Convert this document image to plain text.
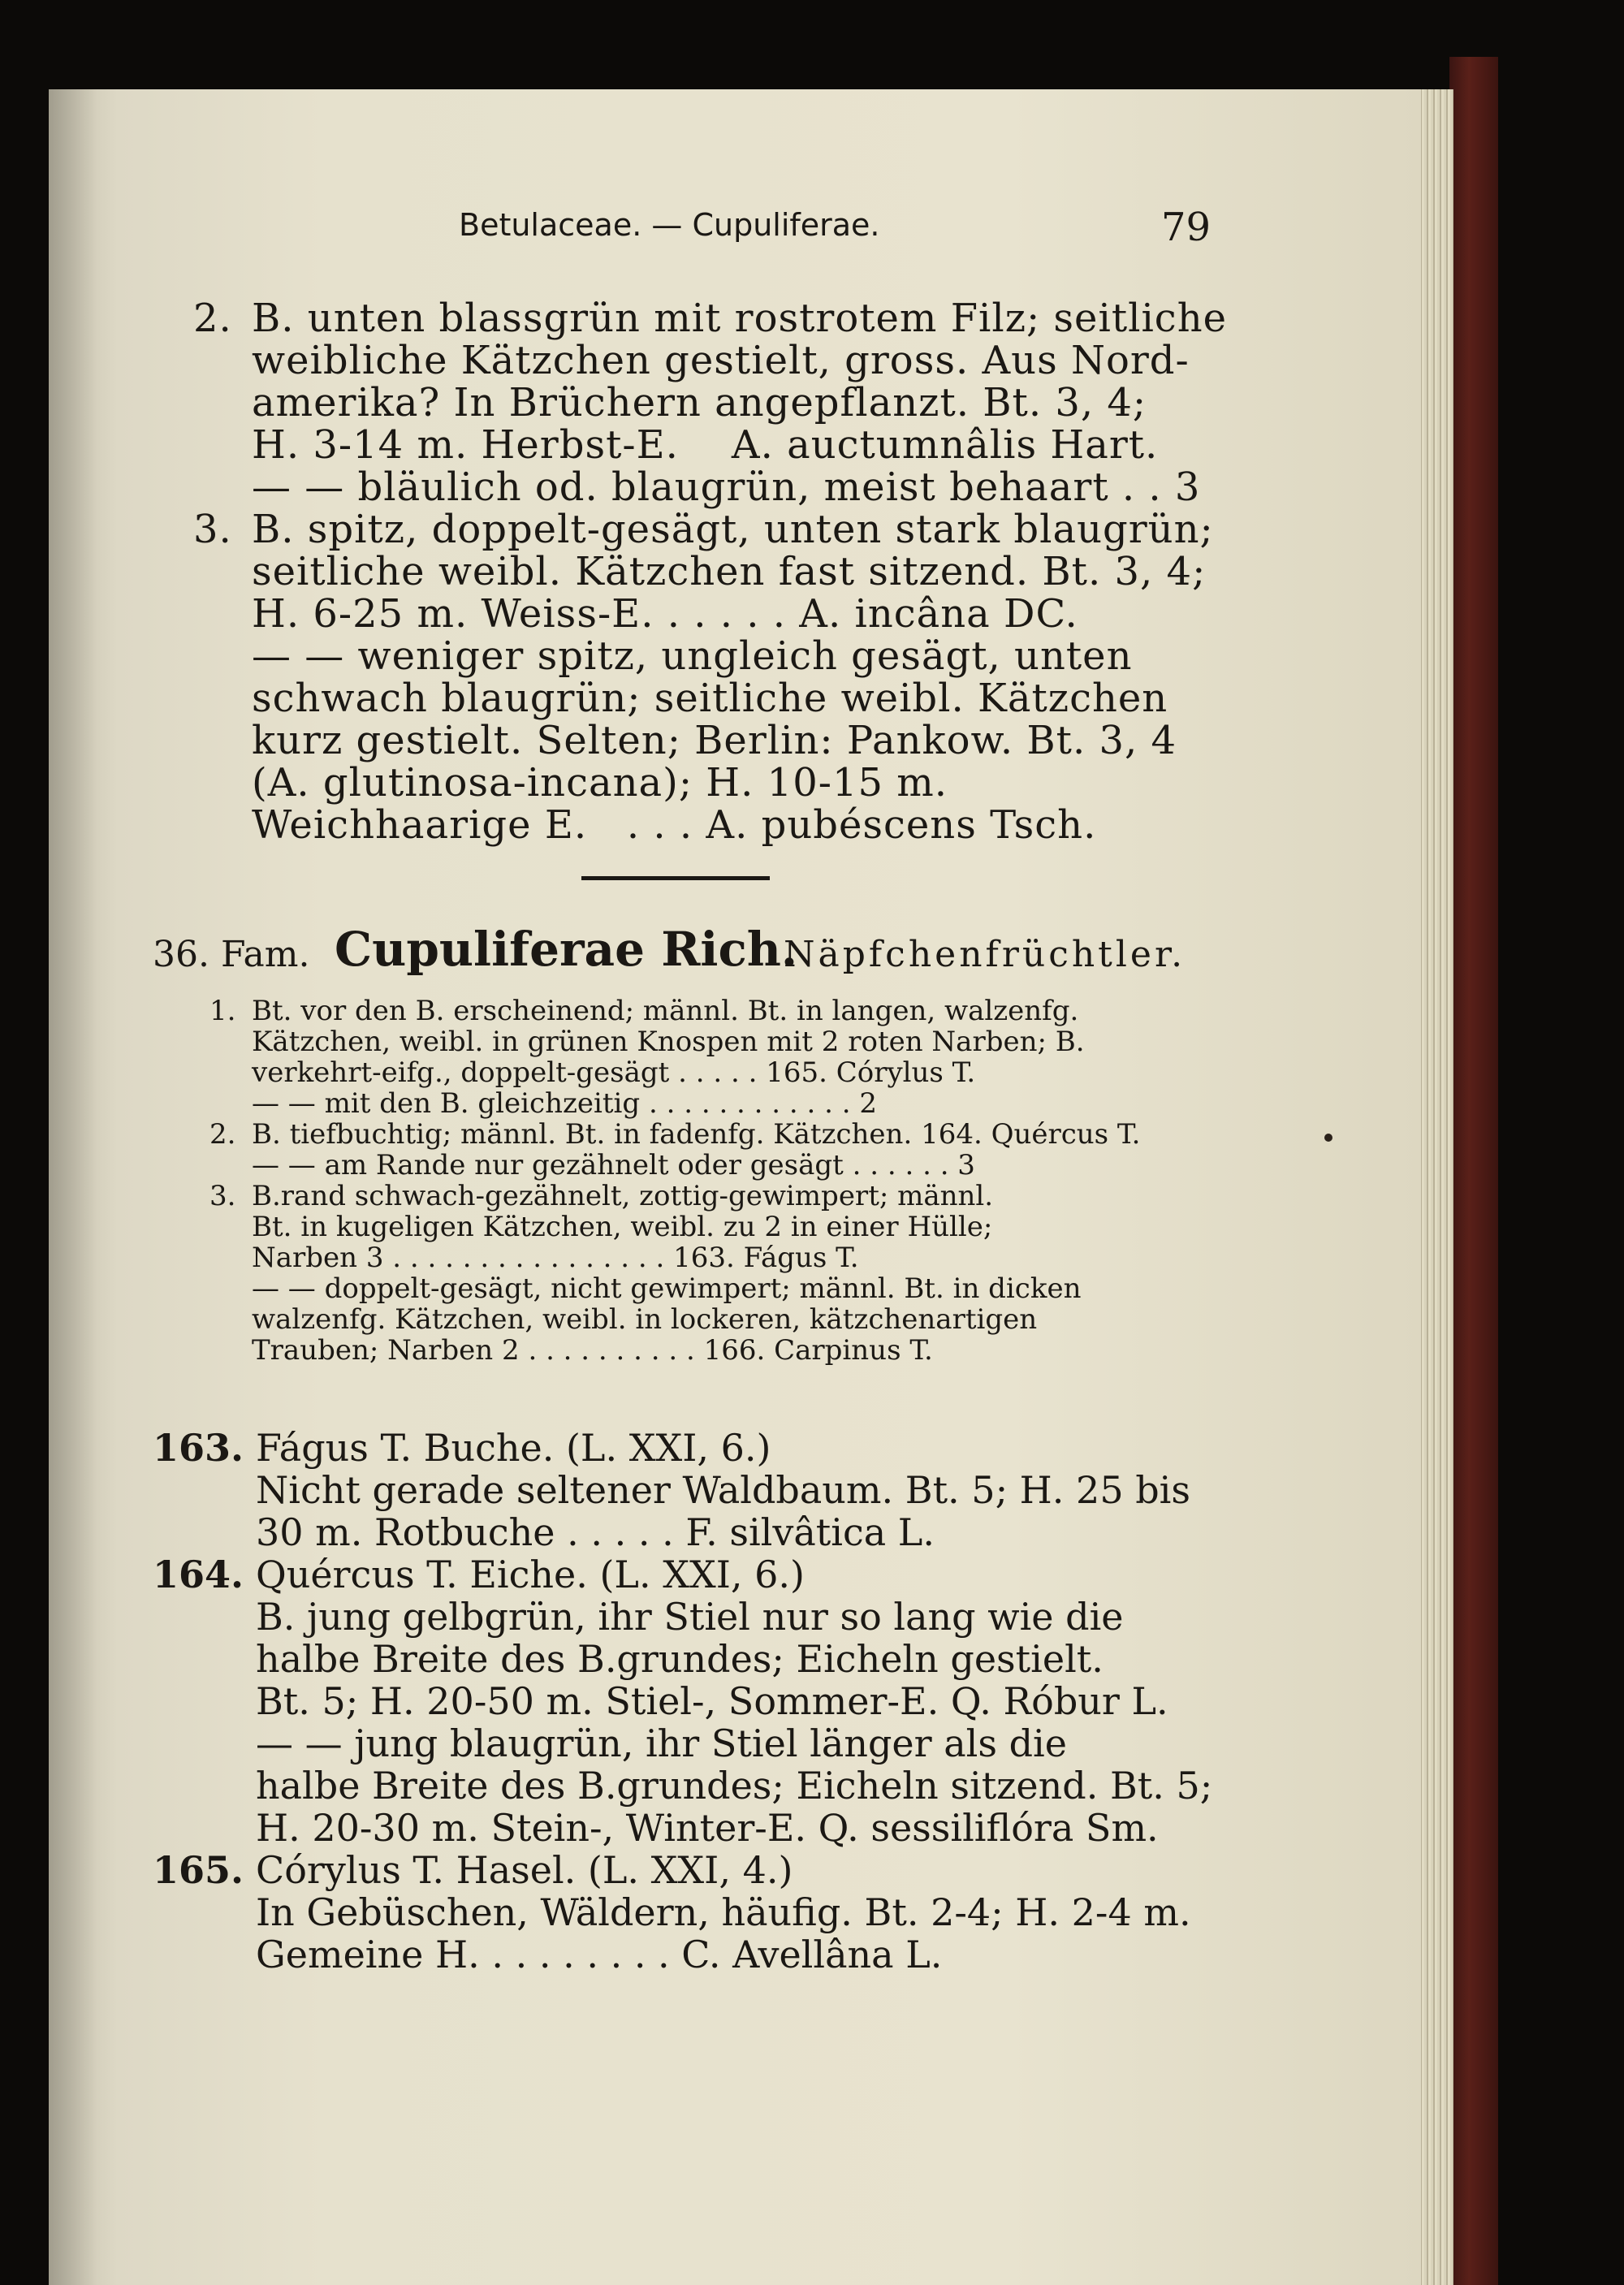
Betulaceae. — Cupuliferae.	79
2. B. unten blassgrün mit rostrotem Filz; seitliche
weibliche Kätzchen gestielt, gross. Aus Nord-
amerika? In Brüchern angepflanzt. Bt. 3, 4;
H. 3-14 m. Herbst-E.    A. auctumnâlis Hart.
— — bläulich od. blaugrün, meist behaart . . 3
3. B. spitz, doppelt-gesägt, unten stark blaugrün;
seitliche weibl. Kätzchen fast sitzend. Bt. 3, 4;
H. 6-25 m. Weiss-E. . . . . . A. incâna DC.
— — weniger spitz, ungleich gesägt, unten
schwach blaugrün; seitliche weibl. Kätzchen
kurz gestielt. Selten; Berlin: Pankow. Bt. 3, 4
(A. glutinosa-incana); H. 10-15 m.
Weichhaarige E.   . . . A. pubéscens Tsch.
36. Fam. Cupuliferae Rich.
Näpfchenfrüchtler.
1. Bt. vor den B. erscheinend; männl. Bt. in langen, walzenfg.
Kätzchen, weibl. in grünen Knospen mit 2 roten Narben; B.
verkehrt-eifg., doppelt-gesägt . . . . . 165. Córylus T.
— — mit den B. gleichzeitig . . . . . . . . . . . . 2
2. B. tiefbuchtig; männl. Bt. in fadenfg. Kätzchen. 164. Quércus T.
— — am Rande nur gezähnelt oder gesägt . . . . . . 3
3. B.rand schwach-gezähnelt, zottig-gewimpert; männl.
Bt. in kugeligen Kätzchen, weibl. zu 2 in einer Hülle;
Narben 3 . . . . . . . . . . . . . . . . 163. Fágus T.
— — doppelt-gesägt, nicht gewimpert; männl. Bt. in dicken
walzenfg. Kätzchen, weibl. in lockeren, kätzchenartigen
Trauben; Narben 2 . . . . . . . . . . 166. Carpinus T.
163. Fágus T. Buche. (L. XXI, 6.)
Nicht gerade seltener Waldbaum. Bt. 5; H. 25 bis
30 m. Rotbuche . . . . . F. silvâtica L.
164. Quércus T. Eiche. (L. XXI, 6.)
B. jung gelbgrün, ihr Stiel nur so lang wie die
halbe Breite des B.grundes; Eicheln gestielt.
Bt. 5; H. 20-50 m. Stiel-, Sommer-E. Q. Róbur L.
— — jung blaugrün, ihr Stiel länger als die
halbe Breite des B.grundes; Eicheln sitzend. Bt. 5;
H. 20-30 m. Stein-, Winter-E. Q. sessiliflóra Sm.
165. Córylus T. Hasel. (L. XXI, 4.)
In Gebüschen, Wäldern, häufig. Bt. 2-4; H. 2-4 m.
Gemeine H. . . . . . . . . C. Avellâna L.
